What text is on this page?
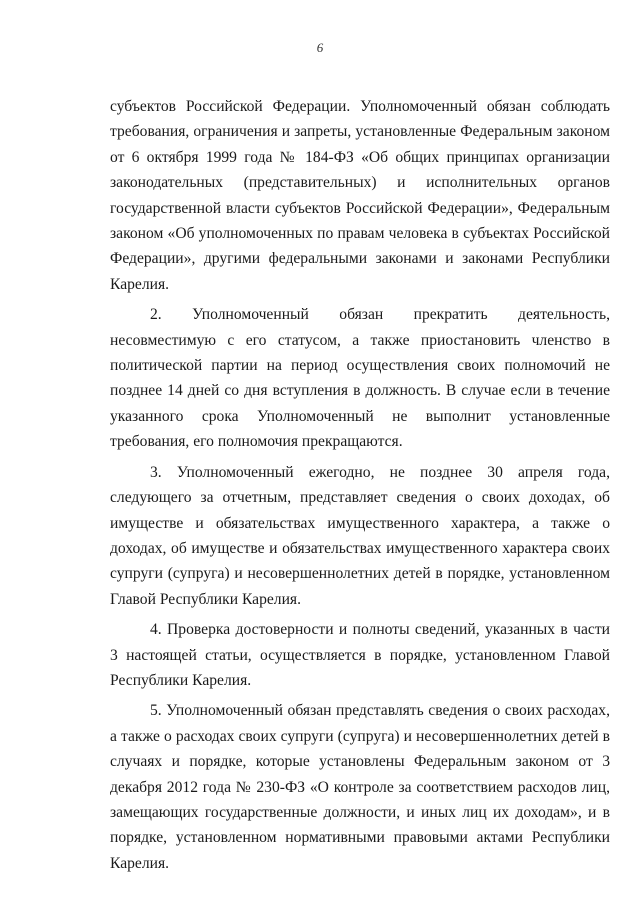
6

субъектов Российской Федерации. Уполномоченный обязан соблюдать требования, ограничения и запреты, установленные Федеральным законом от 6 октября 1999 года № 184-ФЗ «Об общих принципах организации законодательных (представительных) и исполнительных органов государственной власти субъектов Российской Федерации», Федеральным законом «Об уполномоченных по правам человека в субъектах Российской Федерации», другими федеральными законами и законами Республики Карелия.

2. Уполномоченный обязан прекратить деятельность, несовместимую с его статусом, а также приостановить членство в политической партии на период осуществления своих полномочий не позднее 14 дней со дня вступления в должность. В случае если в течение указанного срока Уполномоченный не выполнит установленные требования, его полномочия прекращаются.

3. Уполномоченный ежегодно, не позднее 30 апреля года, следующего за отчетным, представляет сведения о своих доходах, об имуществе и обязательствах имущественного характера, а также о доходах, об имуществе и обязательствах имущественного характера своих супруги (супруга) и несовершеннолетних детей в порядке, установленном Главой Республики Карелия.

4. Проверка достоверности и полноты сведений, указанных в части 3 настоящей статьи, осуществляется в порядке, установленном Главой Республики Карелия.

5. Уполномоченный обязан представлять сведения о своих расходах, а также о расходах своих супруги (супруга) и несовершеннолетних детей в случаях и порядке, которые установлены Федеральным законом от 3 декабря 2012 года № 230-ФЗ «О контроле за соответствием расходов лиц, замещающих государственные должности, и иных лиц их доходам», и в порядке, установленном нормативными правовыми актами Республики Карелия.
